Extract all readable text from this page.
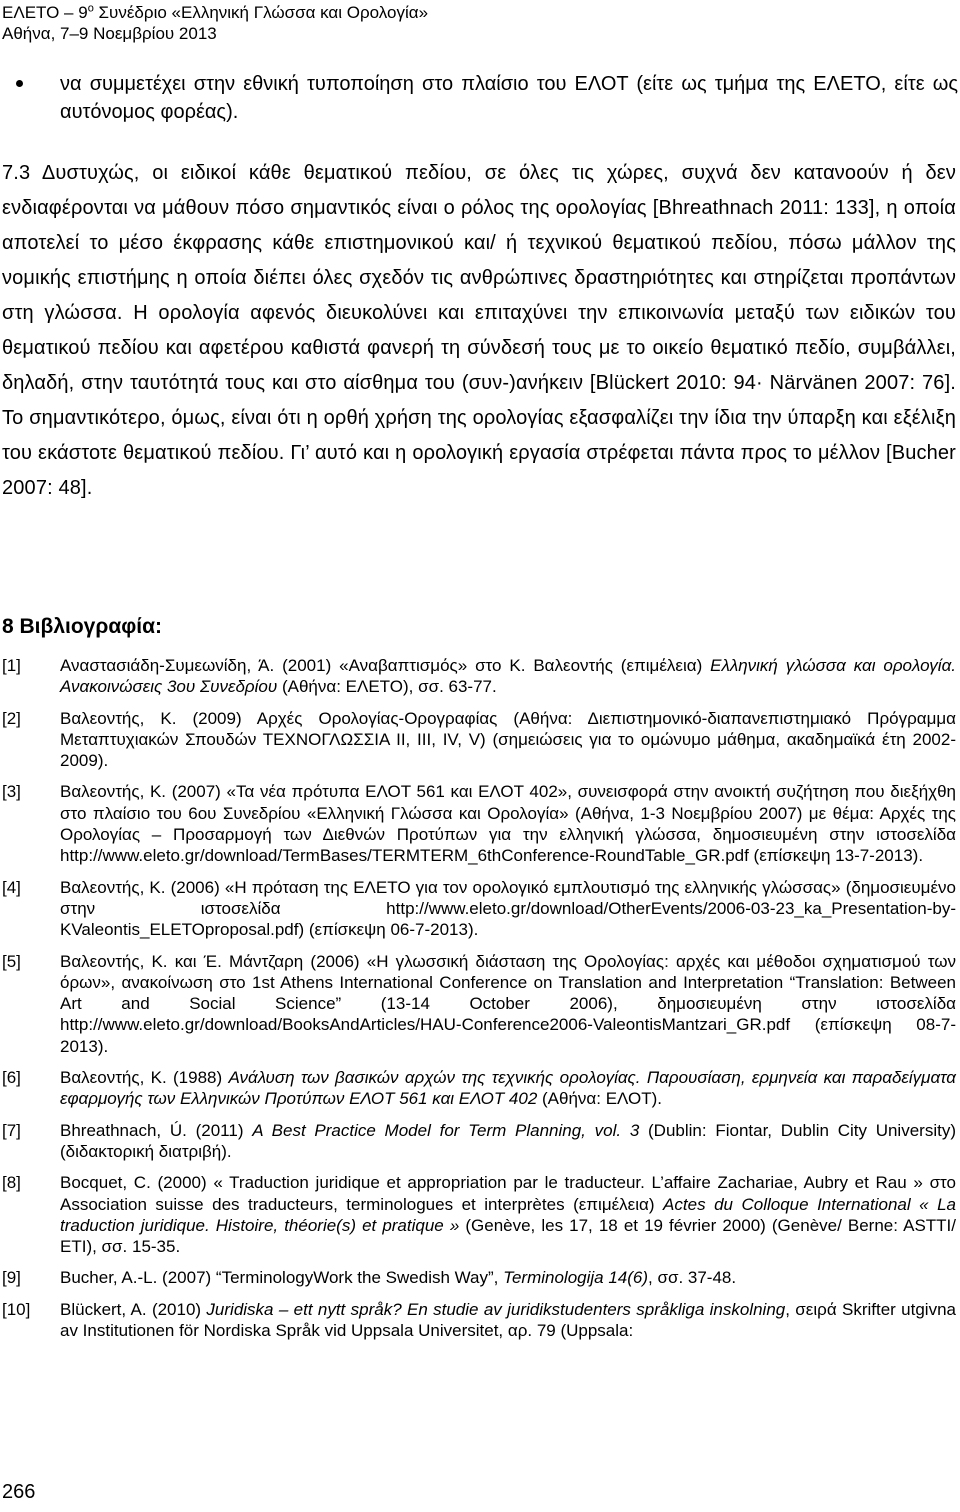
ΕΛΕΤΟ – $9^o$ Συνέδριο «Ελληνική Γλώσσα και Ορολογία»
Αθήνα, 7–9 Νοεμβρίου 2013
να συμμετέχει στην εθνική τυποποίηση στο πλαίσιο του ΕΛΟΤ (είτε ως τμήμα της ΕΛΕΤΟ, είτε ως αυτόνομος φορέας).
7.3 Δυστυχώς, οι ειδικοί κάθε θεματικού πεδίου, σε όλες τις χώρες, συχνά δεν κατανοούν ή δεν ενδιαφέρονται να μάθουν πόσο σημαντικός είναι ο ρόλος της ορολογίας [Bhreathnach 2011: 133], η οποία αποτελεί το μέσο έκφρασης κάθε επιστημονικού και/ ή τεχνικού θεματικού πεδίου, πόσω μάλλον της νομικής επιστήμης η οποία διέπει όλες σχεδόν τις ανθρώπινες δραστηριότητες και στηρίζεται προπάντων στη γλώσσα. Η ορολογία αφενός διευκολύνει και επιταχύνει την επικοινωνία μεταξύ των ειδικών του θεματικού πεδίου και αφετέρου καθιστά φανερή τη σύνδεσή τους με το οικείο θεματικό πεδίο, συμβάλλει, δηλαδή, στην ταυτότητά τους και στο αίσθημα του (συν-)ανήκειν [Blückert 2010: 94· Närvänen 2007: 76]. Το σημαντικότερο, όμως, είναι ότι η ορθή χρήση της ορολογίας εξασφαλίζει την ίδια την ύπαρξη και εξέλιξη του εκάστοτε θεματικού πεδίου. Γι’ αυτό και η ορολογική εργασία στρέφεται πάντα προς το μέλλον [Bucher 2007: 48].
8 Βιβλιογραφία:
[1] Αναστασιάδη-Συμεωνίδη, Ά. (2001) «Αναβαπτισμός» στο Κ. Βαλεοντής (επιμέλεια) Ελληνική γλώσσα και ορολογία. Ανακοινώσεις 3ου Συνεδρίου (Αθήνα: ΕΛΕΤΟ), σσ. 63-77.
[2] Βαλεοντής, Κ. (2009) Αρχές Ορολογίας-Ορογραφίας (Αθήνα: Διεπιστημονικό-διαπανεπιστημιακό Πρόγραμμα Μεταπτυχιακών Σπουδών ΤΕΧΝΟΓΛΩΣΣΙΑ ΙΙ, ΙΙΙ, ΙV, V) (σημειώσεις για το ομώνυμο μάθημα, ακαδημαϊκά έτη 2002-2009).
[3] Βαλεοντής, Κ. (2007) «Τα νέα πρότυπα ΕΛΟΤ 561 και ΕΛΟΤ 402», συνεισφορά στην ανοικτή συζήτηση που διεξήχθη στο πλαίσιο του 6ου Συνεδρίου «Ελληνική Γλώσσα και Ορολογία» (Αθήνα, 1-3 Νοεμβρίου 2007) με θέμα: Αρχές της Ορολογίας – Προσαρμογή των Διεθνών Προτύπων για την ελληνική γλώσσα, δημοσιευμένη στην ιστοσελίδα http://www.eleto.gr/download/TermBases/TERMTERM_6thConference-RoundTable_GR.pdf (επίσκεψη 13-7-2013).
[4] Βαλεοντής, Κ. (2006) «Η πρόταση της ΕΛΕΤΟ για τον ορολογικό εμπλουτισμό της ελληνικής γλώσσας» (δημοσιευμένο στην ιστοσελίδα http://www.eleto.gr/download/OtherEvents/2006-03-23_ka_Presentation-by-KValeontis_ELETOproposal.pdf) (επίσκεψη 06-7-2013).
[5] Βαλεοντής, Κ. και Έ. Μάντζαρη (2006) «Η γλωσσική διάσταση της Ορολογίας: αρχές και μέθοδοι σχηματισμού των όρων», ανακοίνωση στο 1st Athens International Conference on Translation and Interpretation “Translation: Between Art and Social Science” (13-14 October 2006), δημοσιευμένη στην ιστοσελίδα http://www.eleto.gr/download/BooksAndArticles/HAU-Conference2006-ValeontisMantzari_GR.pdf (επίσκεψη 08-7-2013).
[6] Βαλεοντής, Κ. (1988) Ανάλυση των βασικών αρχών της τεχνικής ορολογίας. Παρουσίαση, ερμηνεία και παραδείγματα εφαρμογής των Ελληνικών Προτύπων ΕΛΟΤ 561 και ΕΛΟΤ 402 (Αθήνα: ΕΛΟΤ).
[7] Bhreathnach, Ú. (2011) A Best Practice Model for Term Planning, vol. 3 (Dublin: Fiontar, Dublin City University) (διδακτορική διατριβή).
[8] Bocquet, C. (2000) « Traduction juridique et appropriation par le traducteur. L’affaire Zachariae, Aubry et Rau » στο Association suisse des traducteurs, terminologues et interprètes (επιμέλεια) Actes du Colloque International « La traduction juridique. Histoire, théorie(s) et pratique » (Genève, les 17, 18 et 19 février 2000) (Genève/ Berne: ASTTI/ ETI), σσ. 15-35.
[9] Bucher, A.-L. (2007) “TerminologyWork the Swedish Way”, Terminologija 14(6), σσ. 37-48.
[10] Blückert, A. (2010) Juridiska – ett nytt språk? En studie av juridikstudenters språkliga inskolning, σειρά Skrifter utgivna av Institutionen för Nordiska Språk vid Uppsala Universitet, αρ. 79 (Uppsala:
266
